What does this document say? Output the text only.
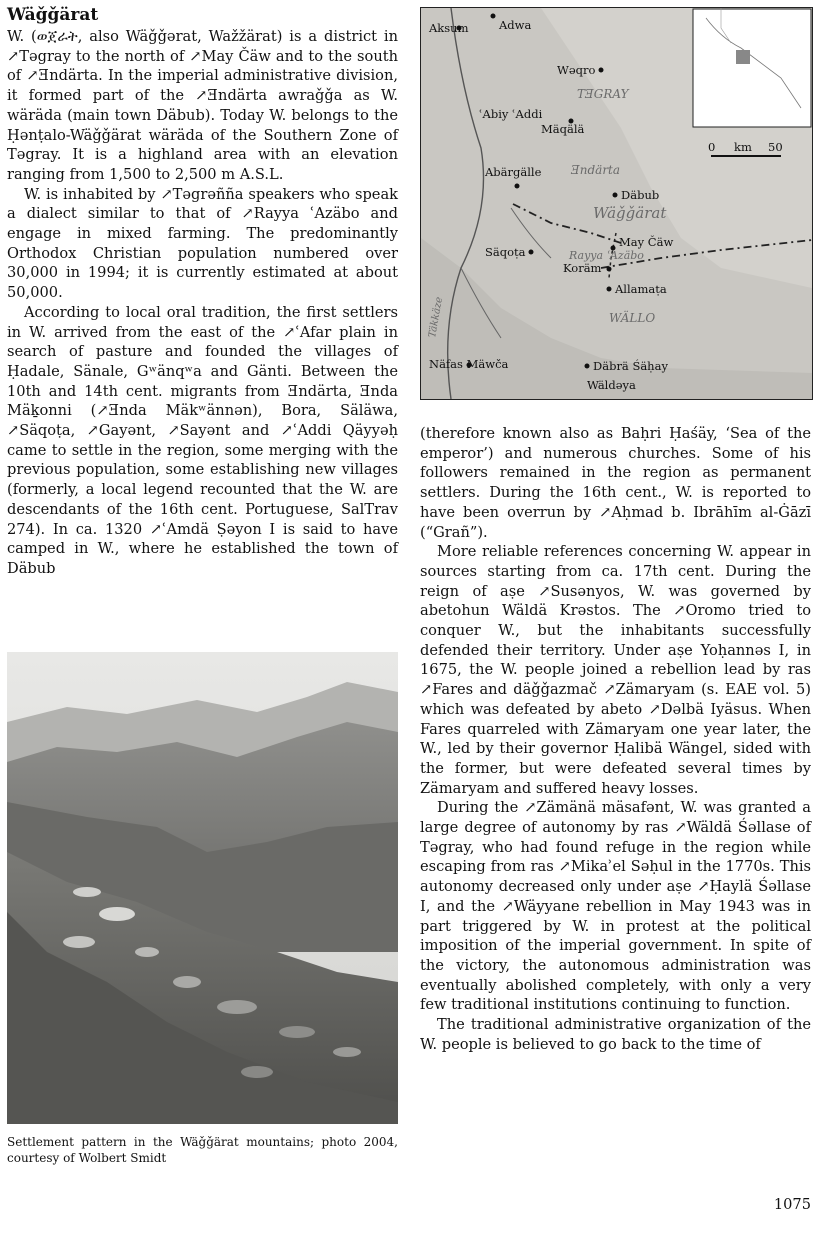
Wäǧǧärat

W. (ወጀራት, also Wäǧǧərat, Wažžärat) is a district in ↗Təgray to the north of ↗May Čäw and to the south of ↗Ǝndärta. In the imperial administrative division, it formed part of the ↗Ǝndärta awraǧǧa as W. wäräda (main town Däbub). Today W. belongs to the Ḥənṭalo-Wäǧǧärat wäräda of the Southern Zone of Təgray. It is a highland area with an elevation ranging from 1,500 to 2,500 m A.S.L.

W. is inhabited by ↗Təgrəñña speakers who speak a dialect similar to that of ↗Rayya ʿAzäbo and engage in mixed farming. The predominantly Orthodox Christian population numbered over 30,000 in 1994; it is currently estimated at about 50,000.

According to local oral tradition, the first settlers in W. arrived from the east of the ↗ʿAfar plain in search of pasture and founded the villages of Ḥadale, Sänale, Gʷänqʷa and Gänti. Between the 10th and 14th cent. migrants from Ǝndärta, Ǝnda Mäḵonni (↗Ǝnda Mäkʷännən), Bora, Säläwa, ↗Säqoṭa, ↗Gayənt, ↗Sayənt and ↗ʿAddi Qäyyəḥ came to settle in the region, some merging with the previous population, some establishing new villages (formerly, a local legend recounted that the W. are descendants of the 16th cent. Portuguese, SalTrav 274). In ca. 1320 ↗ʿAmdä Ṣəyon I is said to have camped in W., where he established the town of Däbub

Settlement pattern in the Wäǧǧärat mountains; photo 2004, courtesy of Wolbert Smidt
0 km 50
Aksum	Adwa
Wəqro
ʿAbiy ʿAddi
Mäqälä
Abärgälle
Däbub
May Čäw
Säqoṭa
Koräm
Allamaṭa
Näfas Mäwča	Däbrä Śäḥay
Wäldəya
TƎGRAY
Ǝndärta
Wäǧǧärat
Rayya ʿAzäbo
WÄLLO
Täkkäze

(therefore known also as Baḥri Ḥaśäy, ‘Sea of the emperor’) and numerous churches. Some of his followers remained in the region as permanent settlers. During the 16th cent., W. is reported to have been overrun by ↗Aḥmad b. Ibrāhīm al-Ġāzī (“Grañ”).

More reliable references concerning W. appear in sources starting from ca. 17th cent. During the reign of aṣe ↗Susənyos, W. was governed by abetohun Wäldä Krəstos. The ↗Oromo tried to conquer W., but the inhabitants successfully defended their territory. Under aṣe Yoḥannəs I, in 1675, the W. people joined a rebellion lead by ras ↗Fares and däǧǧazmač ↗Zämaryam (s. EAE vol. 5) which was defeated by abeto ↗Dəlbä Iyäsus. When Fares quarreled with Zämaryam one year later, the W., led by their governor Ḥalibä Wängel, sided with the former, but were defeated several times by Zämaryam and suffered heavy losses.

During the ↗Zämänä mäsafənt, W. was granted a large degree of autonomy by ras ↗Wäldä Śəllase of Təgray, who had found refuge in the region while escaping from ras ↗Mikaʾel Səḥul in the 1770s. This autonomy decreased only under aṣe ↗Ḥaylä Śəllase I, and the ↗Wäyyane rebellion in May 1943 was in part triggered by W. in protest at the political imposition of the imperial government. In spite of the victory, the autonomous administration was eventually abolished completely, with only a very few traditional institutions continuing to function.

The traditional administrative organization of the W. people is believed to go back to the time of

1075
